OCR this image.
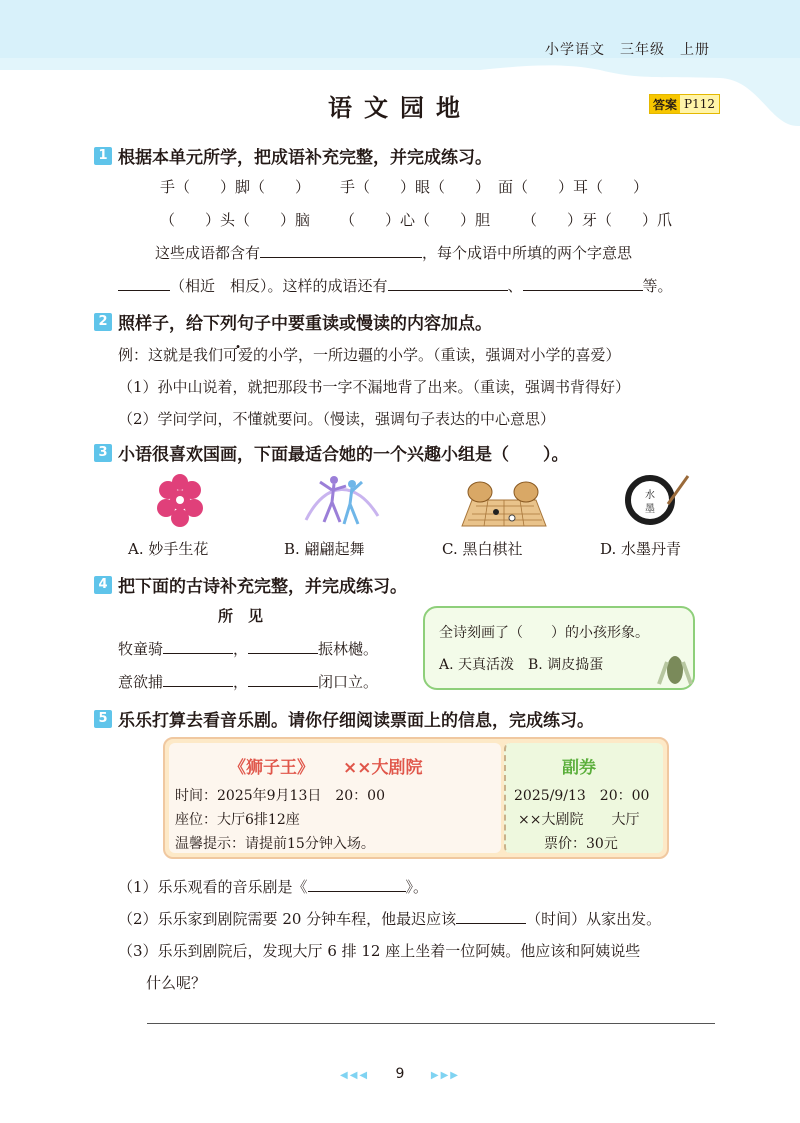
小学语文　三年级　上册
语文园地	答案 P112
1 根据本单元所学，把成语补充完整，并完成练习。
手（　　）脚（　　） 手（　　）眼（　　） 面（　　）耳（　　）
（　　）头（　　）脑 （　　）心（　　）胆 （　　）牙（　　）爪
这些成语都含有	，每个成语中所填的两个字意思
（相近　相反）。这样的成语还有	、	等。
2 照样子，给下列句子中要重读或慢读的内容加点。
例：这就是我们可爱的小学，一所边疆的小学。（重读，强调对小学的喜爱）
（1）孙中山说着，就把那段书一字不漏地背了出来。（重读，强调书背得好）
（2）学问学问，不懂就要问。（慢读，强调句子表达的中心意思）
3 小语很喜欢国画，下面最适合她的一个兴趣小组是（　　）。
水
墨
A. 妙手生花	B. 翩翩起舞	C. 黑白棋社	D. 水墨丹青
4 把下面的古诗补充完整，并完成练习。
所　见
牧童骑	，	振林樾。
意欲捕	，	闭口立。
全诗刻画了（　　）的小孩形象。
A. 天真活泼　B. 调皮捣蛋
5 乐乐打算去看音乐剧。请你仔细阅读票面上的信息，完成练习。
《狮子王》 ××大剧院
时间：2025年9月13日　20：00
座位：大厅6排12座
温馨提示：请提前15分钟入场。
副券
2025/9/13　20：00
××大剧院　　大厅
票价：30元
（1）乐乐观看的音乐剧是《	》。
（2）乐乐家到剧院需要 20 分钟车程，他最迟应该	（时间）从家出发。
（3）乐乐到剧院后，发现大厅 6 排 12 座上坐着一位阿姨。他应该和阿姨说些
什么呢？
◀◀◀ 9	▶▶▶
